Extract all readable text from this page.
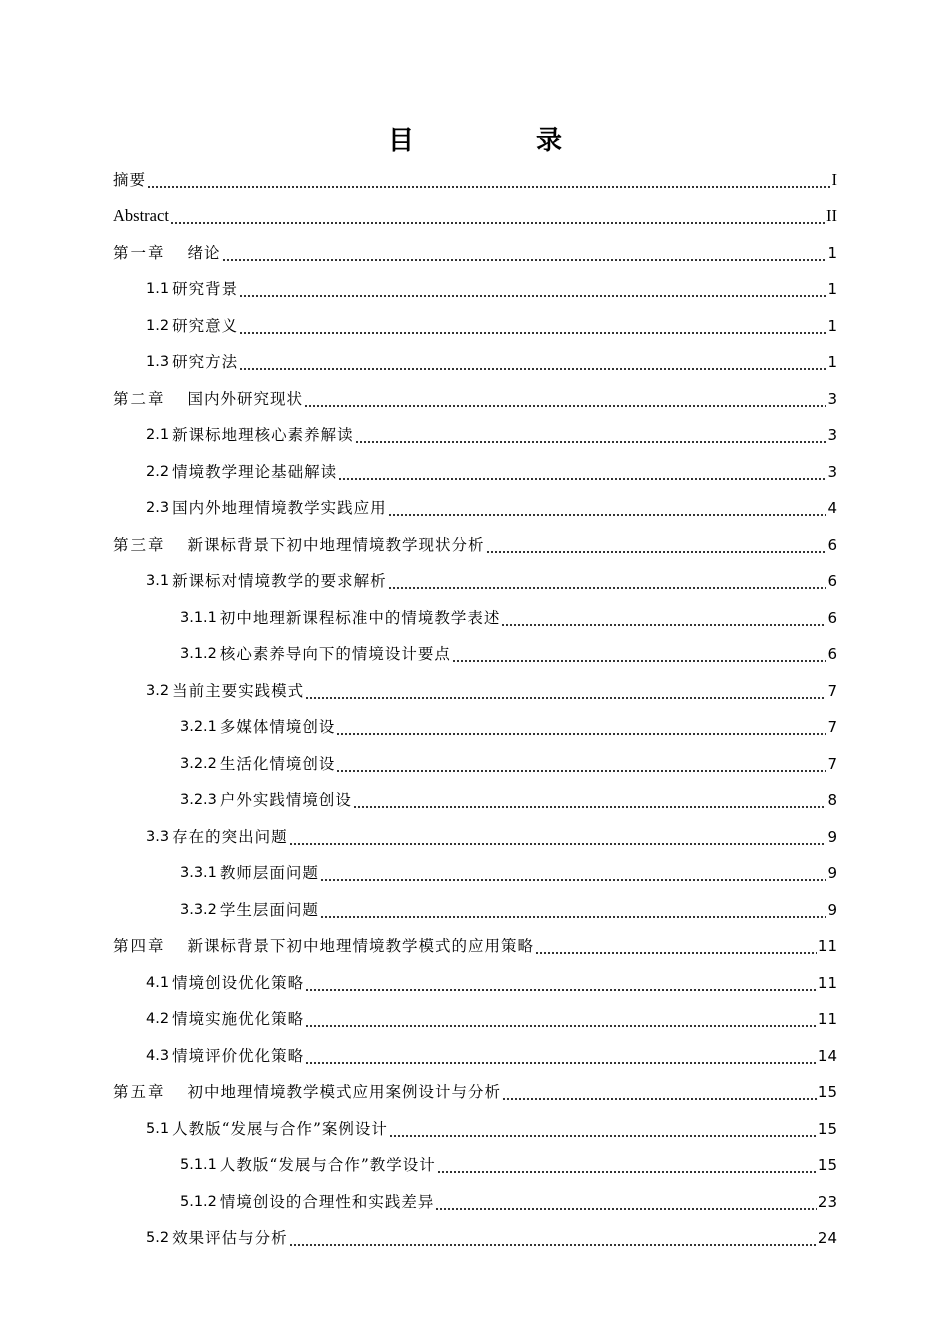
目　录
摘要	I
Abstract	II
第一章 绪论	1
1.1 研究背景	1
1.2 研究意义	1
1.3 研究方法	1
第二章 国内外研究现状	3
2.1 新课标地理核心素养解读	3
2.2 情境教学理论基础解读	3
2.3 国内外地理情境教学实践应用	4
第三章 新课标背景下初中地理情境教学现状分析	6
3.1 新课标对情境教学的要求解析	6
3.1.1 初中地理新课程标准中的情境教学表述	6
3.1.2 核心素养导向下的情境设计要点	6
3.2 当前主要实践模式	7
3.2.1 多媒体情境创设	7
3.2.2 生活化情境创设	7
3.2.3 户外实践情境创设	8
3.3 存在的突出问题	9
3.3.1 教师层面问题	9
3.3.2 学生层面问题	9
第四章 新课标背景下初中地理情境教学模式的应用策略	11
4.1 情境创设优化策略	11
4.2 情境实施优化策略	11
4.3 情境评价优化策略	14
第五章 初中地理情境教学模式应用案例设计与分析	15
5.1 人教版“发展与合作”案例设计	15
5.1.1 人教版“发展与合作”教学设计	15
5.1.2 情境创设的合理性和实践差异	23
5.2 效果评估与分析	24
